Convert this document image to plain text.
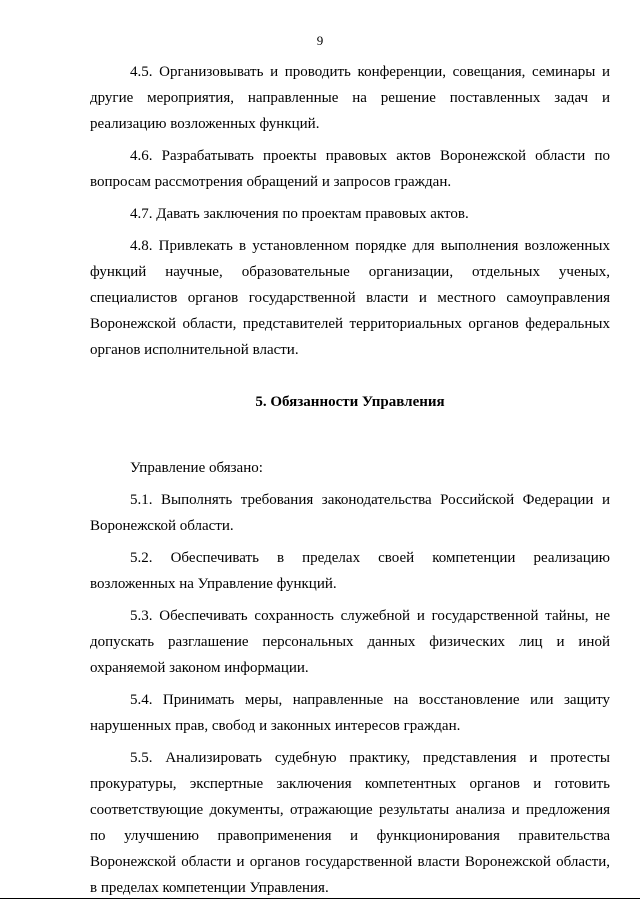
9

4.5. Организовывать и проводить конференции, совещания, семинары и другие мероприятия, направленные на решение поставленных задач и реализацию возложенных функций.

4.6. Разрабатывать проекты правовых актов Воронежской области по вопросам рассмотрения обращений и запросов граждан.

4.7. Давать заключения по проектам правовых актов.

4.8. Привлекать в установленном порядке для выполнения возложенных функций научные, образовательные организации, отдельных ученых, специалистов органов государственной власти и местного самоуправления Воронежской области, представителей территориальных органов федеральных органов исполнительной власти.

5. Обязанности Управления

Управление обязано:

5.1. Выполнять требования законодательства Российской Федерации и Воронежской области.

5.2. Обеспечивать в пределах своей компетенции реализацию возложенных на Управление функций.

5.3. Обеспечивать сохранность служебной и государственной тайны, не допускать разглашение персональных данных физических лиц и иной охраняемой законом информации.

5.4. Принимать меры, направленные на восстановление или защиту нарушенных прав, свобод и законных интересов граждан.

5.5. Анализировать судебную практику, представления и протесты прокуратуры, экспертные заключения компетентных органов и готовить соответствующие документы, отражающие результаты анализа и предложения по улучшению правоприменения и функционирования правительства Воронежской области и органов государственной власти Воронежской области, в пределах компетенции Управления.
